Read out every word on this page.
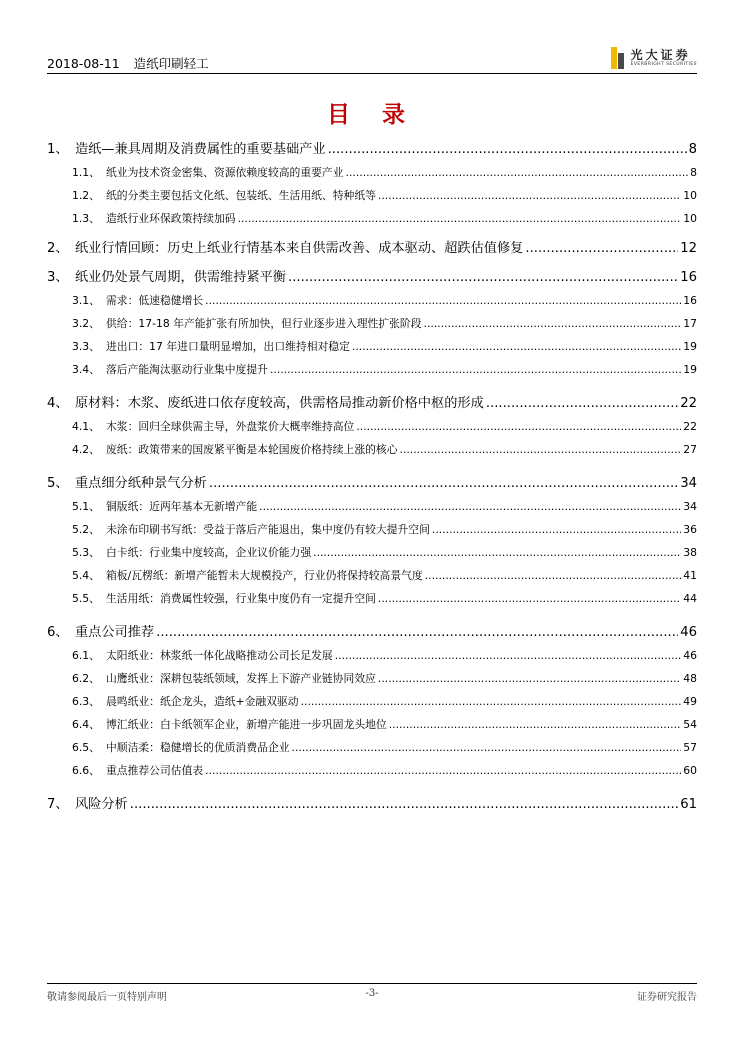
2018-08-11 造纸印刷轻工
光大证券
EVERBRIGHT SECURITIES
目 录
1、 造纸—兼具周期及消费属性的重要基础产业 .....	8
1.1、 纸业为技术资金密集、资源依赖度较高的重要产业 .....	8
1.2、 纸的分类主要包括文化纸、包装纸、生活用纸、特种纸等 .....	10
1.3、 造纸行业环保政策持续加码 .....	10
2、 纸业行情回顾：历史上纸业行情基本来自供需改善、成本驱动、超跌估值修复 .....	12
3、 纸业仍处景气周期，供需维持紧平衡 .....	16
3.1、 需求：低速稳健增长 .....	16
3.2、 供给：17-18 年产能扩张有所加快，但行业逐步进入理性扩张阶段 .....	17
3.3、 进出口：17 年进口量明显增加，出口维持相对稳定 .....	19
3.4、 落后产能淘汰驱动行业集中度提升 .....	19
4、 原材料：木浆、废纸进口依存度较高，供需格局推动新价格中枢的形成 .....	22
4.1、 木浆：回归全球供需主导，外盘浆价大概率维持高位 .....	22
4.2、 废纸：政策带来的国废紧平衡是本轮国废价格持续上涨的核心 .....	27
5、 重点细分纸种景气分析 .....	34
5.1、 铜版纸：近两年基本无新增产能 .....	34
5.2、 未涂布印刷书写纸：受益于落后产能退出，集中度仍有较大提升空间 .....	36
5.3、 白卡纸：行业集中度较高，企业议价能力强 .....	38
5.4、 箱板/瓦楞纸：新增产能暂未大规模投产，行业仍将保持较高景气度 .....	41
5.5、 生活用纸：消费属性较强，行业集中度仍有一定提升空间 .....	44
6、 重点公司推荐 .....	46
6.1、 太阳纸业：林浆纸一体化战略推动公司长足发展 .....	46
6.2、 山鹰纸业：深耕包装纸领域，发挥上下游产业链协同效应 .....	48
6.3、 晨鸣纸业：纸企龙头，造纸+金融双驱动 .....	49
6.4、 博汇纸业：白卡纸领军企业，新增产能进一步巩固龙头地位 .....	54
6.5、 中顺洁柔：稳健增长的优质消费品企业 .....	57
6.6、 重点推荐公司估值表 .....	60
7、 风险分析 .....	61
敬请参阅最后一页特别声明	-3-	证券研究报告
